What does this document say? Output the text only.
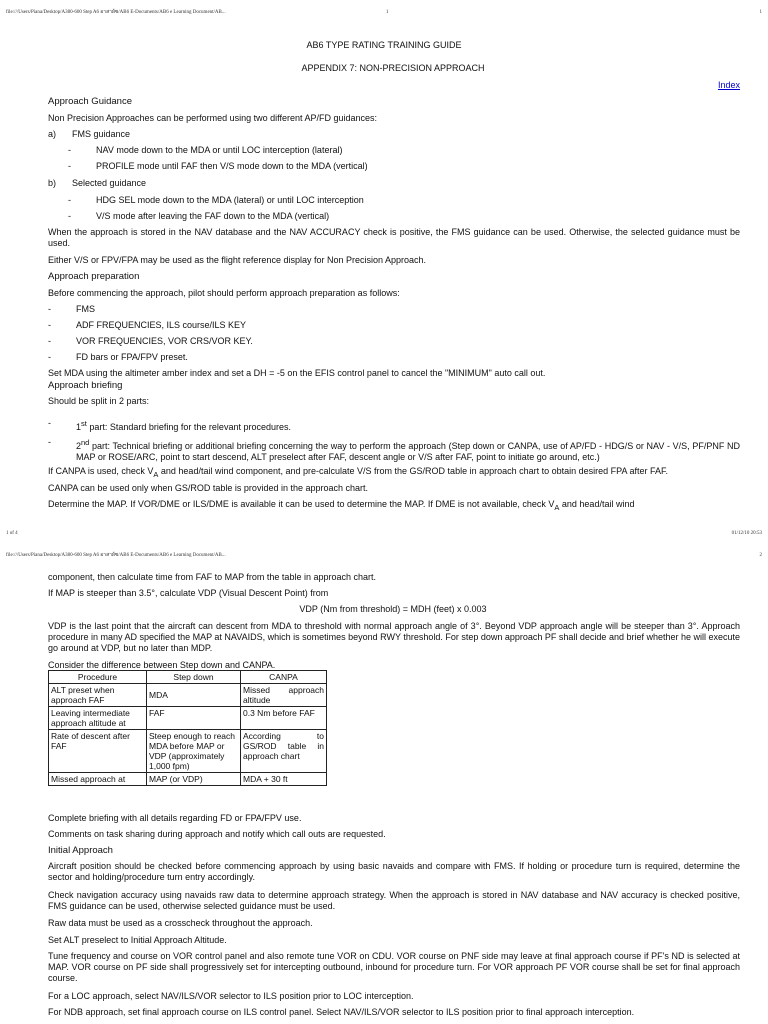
file:///Users/Piana/Desktop/A380-600 Step A6 อาสาผ้ซ/AB6 E-Documents/AB6 e Learning Document/AB...	1	1
AB6 TYPE RATING TRAINING GUIDE
APPENDIX 7: NON-PRECISION APPROACH
Index
Approach Guidance
Non Precision Approaches can be performed using two different AP/FD guidances:
a) FMS guidance
-	NAV mode down to the MDA or until LOC interception (lateral)
-	PROFILE mode until FAF then V/S mode down to the MDA (vertical)
b) Selected guidance
-	HDG SEL mode down to the MDA (lateral) or until LOC interception
-	V/S mode after leaving the FAF down to the MDA (vertical)
When the approach is stored in the NAV database and the NAV ACCURACY check is positive, the FMS guidance can be used. Otherwise, the selected guidance must be used.
Either V/S or FPV/FPA may be used as the flight reference display for Non Precision Approach.
Approach preparation
Before commencing the approach, pilot should perform approach preparation as follows:
-	FMS
-	ADF FREQUENCIES, ILS course/ILS KEY
-	VOR FREQUENCIES, VOR CRS/VOR KEY.
-	FD bars or FPA/FPV preset.
Set MDA using the altimeter amber index and set a DH = -5 on the EFIS control panel to cancel the "MINIMUM" auto call out.
Approach briefing
Should be split in 2 parts:
-	1st part: Standard briefing for the relevant procedures.
-	2nd part: Technical briefing or additional briefing concerning the way to perform the approach (Step down or CANPA, use of AP/FD - HDG/S or NAV - V/S, PF/PNF ND MAP or ROSE/ARC, point to start descend, ALT preselect after FAF, descent angle or V/S after FAF, point to initiate go around, etc.)
If CANPA is used, check $V_A$ and head/tail wind component, and pre-calculate V/S from the GS/ROD table in approach chart to obtain desired FPA after FAF.
CANPA can be used only when GS/ROD table is provided in the approach chart.
Determine the MAP. If VOR/DME or ILS/DME is available it can be used to determine the MAP. If DME is not available, check $V_A$ and head/tail wind
1 of 4	01/12/10 20:53
file:///Users/Piana/Desktop/A380-600 Step A6 อาสาผ้ซ/AB6 E-Documents/AB6 e Learning Document/AB...	2
component, then calculate time from FAF to MAP from the table in approach chart.
If MAP is steeper than 3.5°, calculate VDP (Visual Descent Point) from
VDP (Nm from threshold) = MDH (feet) x 0.003
VDP is the last point that the aircraft can descent from MDA to threshold with normal approach angle of 3°. Beyond VDP approach angle will be steeper than 3°. Approach procedure in many AD specified the MAP at NAVAIDS, which is sometimes beyond RWY threshold. For step down approach PF shall decide and brief whether he will execute go around at VDP, but no later than MDP.
Consider the difference between Step down and CANPA.
Procedure	Step down	CANPA
ALT preset when approach FAF	MDA	Missed approach altitude
Leaving intermediate approach altitude at	FAF	0.3 Nm before FAF
Rate of descent after FAF	Steep enough to reach MDA before MAP or VDP (approximately 1,000 fpm)	According to GS/ROD table in approach chart
Missed approach at	MAP (or VDP)	MDA + 30 ft
Complete briefing with all details regarding FD or FPA/FPV use.
Comments on task sharing during approach and notify which call outs are requested.
Initial Approach
Aircraft position should be checked before commencing approach by using basic navaids and compare with FMS. If holding or procedure turn is required, determine the sector and holding/procedure turn entry accordingly.
Check navigation accuracy using navaids raw data to determine approach strategy. When the approach is stored in NAV database and NAV accuracy is checked positive, FMS guidance can be used, otherwise selected guidance must be used.
Raw data must be used as a crosscheck throughout the approach.
Set ALT preselect to Initial Approach Altitude.
Tune frequency and course on VOR control panel and also remote tune VOR on CDU. VOR course on PNF side may leave at final approach course if PF's ND is selected at MAP. VOR course on PF side shall progressively set for intercepting outbound, inbound for procedure turn. For VOR approach PF VOR course shall be set for final approach course.
For a LOC approach, select NAV/ILS/VOR selector to ILS position prior to LOC interception.
For NDB approach, set final approach course on ILS control panel. Select NAV/ILS/VOR selector to ILS position prior to final approach interception.
